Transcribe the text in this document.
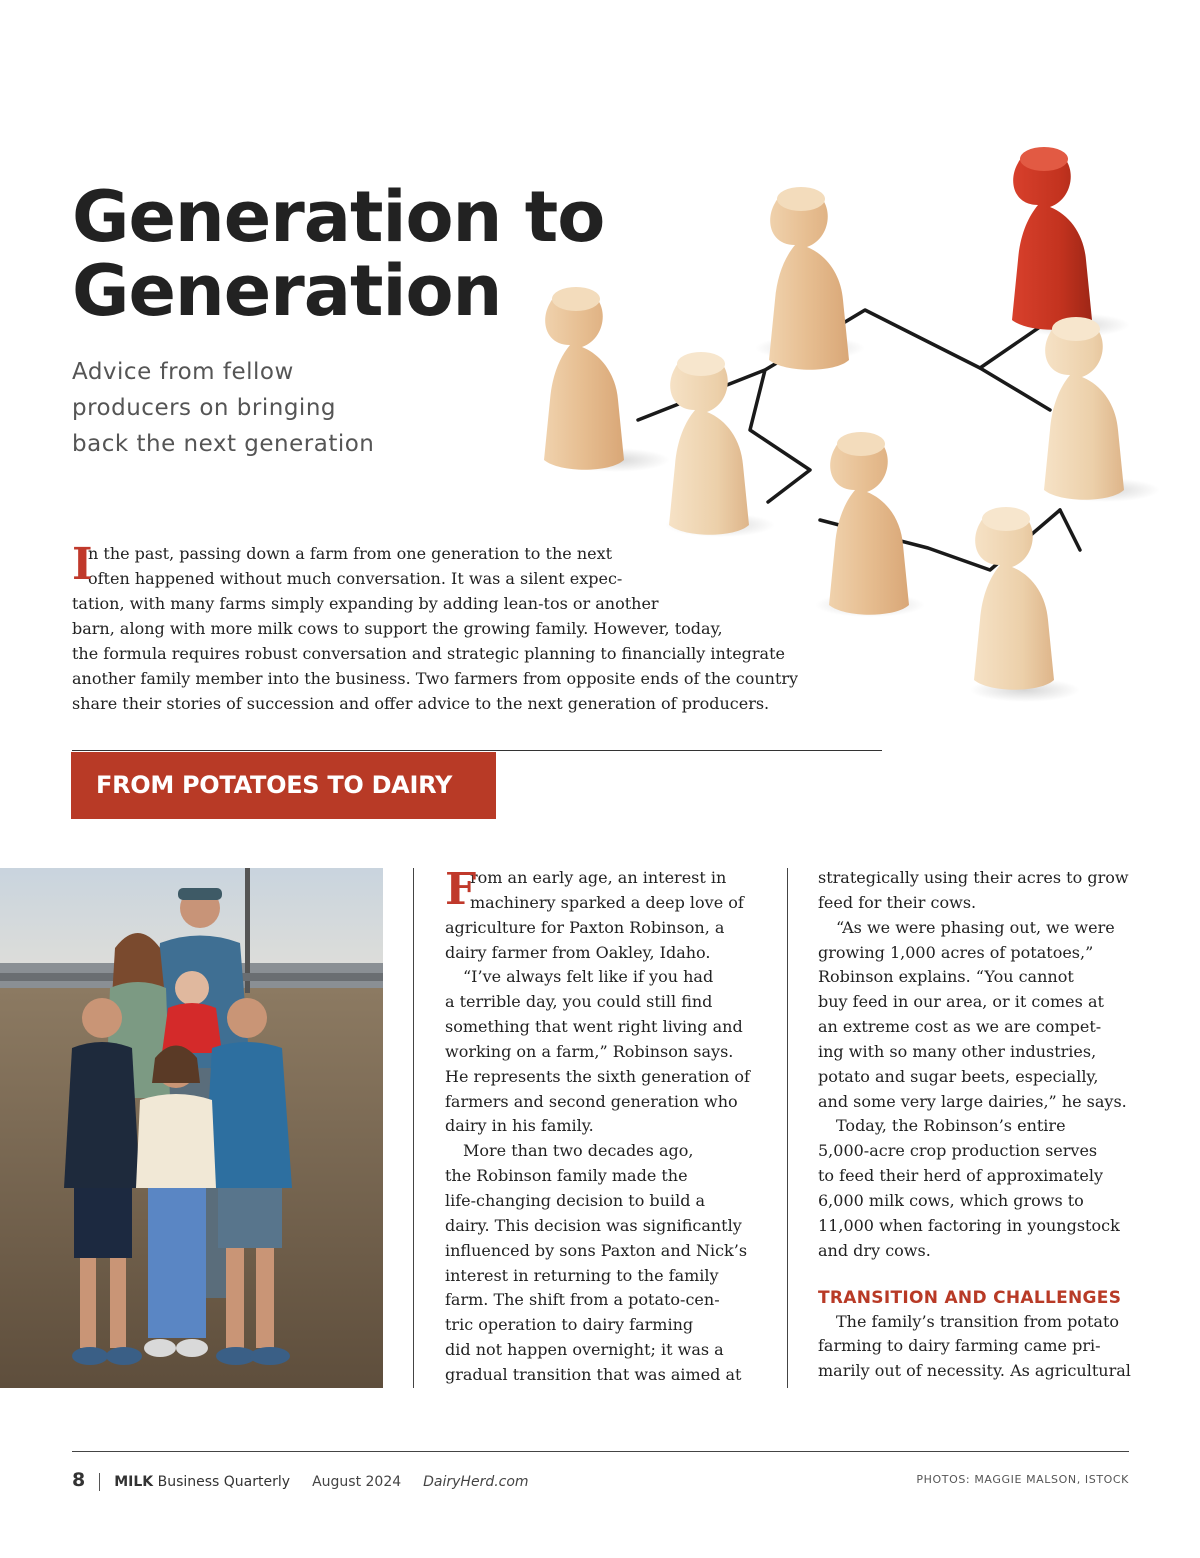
Generation to
Generation
Advice from fellow
producers on bringing
back the next generation
I
n the past, passing down a farm from one generation to the next
often happened without much conversation. It was a silent expec-
tation, with many farms simply expanding by adding lean-tos or another
barn, along with more milk cows to support the growing family. However, today,
the formula requires robust conversation and strategic planning to financially integrate
another family member into the business. Two farmers from opposite ends of the country
share their stories of succession and offer advice to the next generation of producers.
FROM POTATOES TO DAIRY
F
rom an early age, an interest in
machinery sparked a deep love of
agriculture for Paxton Robinson, a
dairy farmer from Oakley, Idaho.
“I’ve always felt like if you had
a terrible day, you could still find
something that went right living and
working on a farm,” Robinson says.
He represents the sixth generation of
farmers and second generation who
dairy in his family.
More than two decades ago,
the Robinson family made the
life-changing decision to build a
dairy. This decision was significantly
influenced by sons Paxton and Nick’s
interest in returning to the family
farm. The shift from a potato-cen-
tric operation to dairy farming
did not happen overnight; it was a
gradual transition that was aimed at
strategically using their acres to grow
feed for their cows.
“As we were phasing out, we were
growing 1,000 acres of potatoes,”
Robinson explains. “You cannot
buy feed in our area, or it comes at
an extreme cost as we are compet-
ing with so many other industries,
potato and sugar beets, especially,
and some very large dairies,” he says.
Today, the Robinson’s entire
5,000-acre crop production serves
to feed their herd of approximately
6,000 milk cows, which grows to
11,000 when factoring in youngstock
and dry cows.
TRANSITION AND CHALLENGES
The family’s transition from potato
farming to dairy farming came pri-
marily out of necessity. As agricultural
8 MILK Business Quarterly August 2024 DairyHerd.com	PHOTOS: MAGGIE MALSON, ISTOCK
